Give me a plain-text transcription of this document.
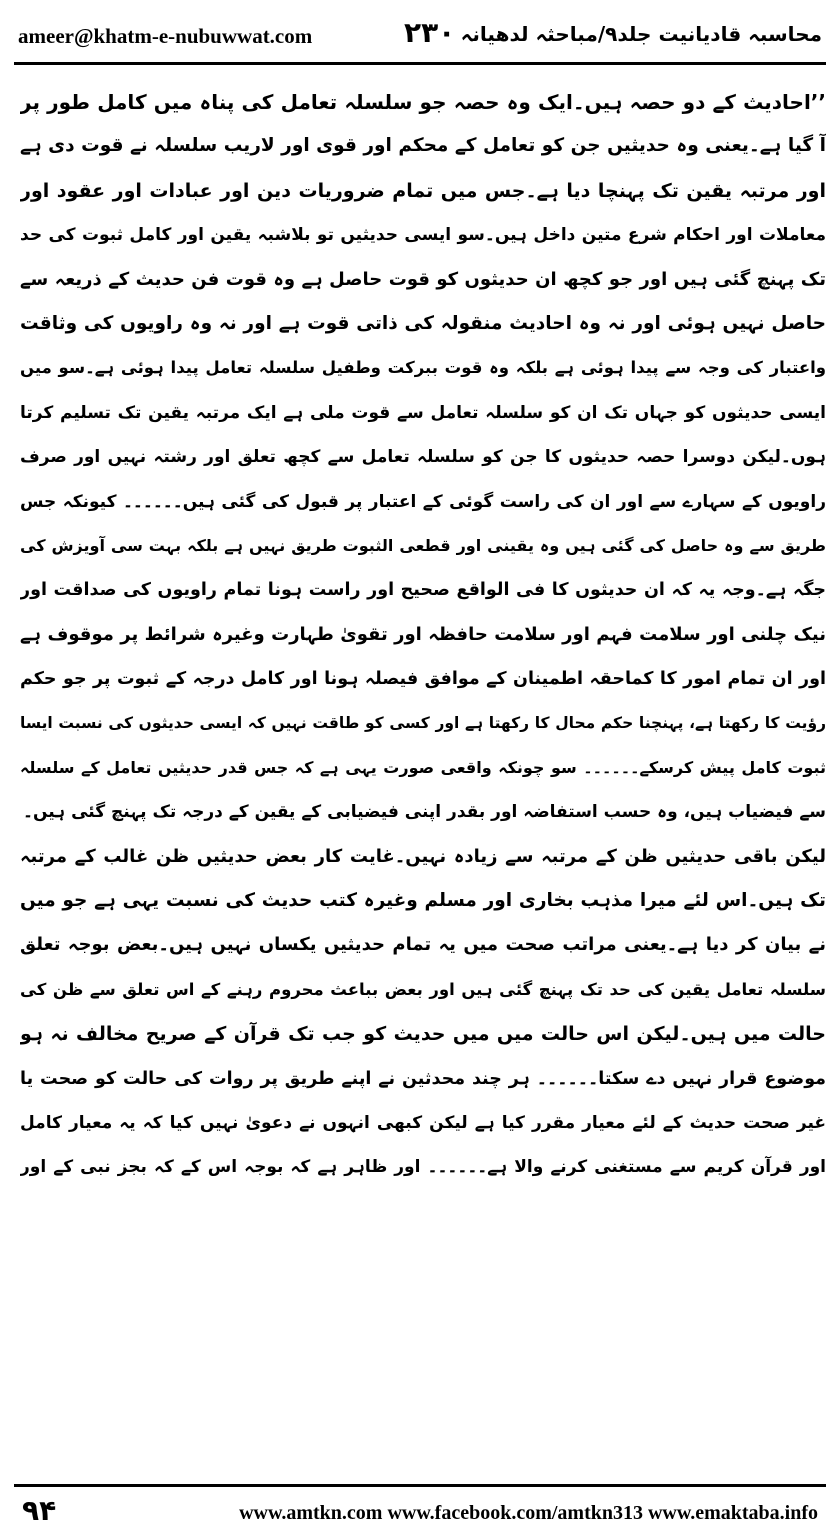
ameer@khatm-e-nubuwwat.com	۲۳۰ محاسبہ قادیانیت جلد۹/مباحثہ لدھیانہ
’’احادیث کے دو حصہ ہیں۔ایک وہ حصہ جو سلسلہ تعامل کی پناہ میں کامل طور پر
آ گیا ہے۔یعنی وہ حدیثیں جن کو تعامل کے محکم اور قوی اور لاریب سلسلہ نے قوت دی ہے
اور مرتبہ یقین تک پہنچا دیا ہے۔جس میں تمام ضروریات دین اور عبادات اور عقود اور
معاملات اور احکام شرع متین داخل ہیں۔سو ایسی حدیثیں تو بلاشبہ یقین اور کامل ثبوت کی حد
تک پہنچ گئی ہیں اور جو کچھ ان حدیثوں کو قوت حاصل ہے وہ قوت فن حدیث کے ذریعہ سے
حاصل نہیں ہوئی اور نہ وہ احادیث منقولہ کی ذاتی قوت ہے اور نہ وہ راویوں کی وثاقت
واعتبار کی وجہ سے پیدا ہوئی ہے بلکہ وہ قوت ببرکت وطفیل سلسلہ تعامل پیدا ہوئی ہے۔سو میں
ایسی حدیثوں کو جہاں تک ان کو سلسلہ تعامل سے قوت ملی ہے ایک مرتبہ یقین تک تسلیم کرتا
ہوں۔لیکن دوسرا حصہ حدیثوں کا جن کو سلسلہ تعامل سے کچھ تعلق اور رشتہ نہیں اور صرف
راویوں کے سہارے سے اور ان کی راست گوئی کے اعتبار پر قبول کی گئی ہیں۔۔۔۔۔۔ کیونکہ جس
طریق سے وہ حاصل کی گئی ہیں وہ یقینی اور قطعی الثبوت طریق نہیں ہے بلکہ بہت سی آویزش کی
جگہ ہے۔وجہ یہ کہ ان حدیثوں کا فی الواقع صحیح اور راست ہونا تمام راویوں کی صداقت اور
نیک چلنی اور سلامت فہم اور سلامت حافظہ اور تقویٰ طہارت وغیرہ شرائط پر موقوف ہے
اور ان تمام امور کا کماحقہ اطمینان کے موافق فیصلہ ہونا اور کامل درجہ کے ثبوت پر جو حکم
رؤیت کا رکھتا ہے، پہنچنا حکم محال کا رکھتا ہے اور کسی کو طاقت نہیں کہ ایسی حدیثوں کی نسبت ایسا
ثبوت کامل پیش کرسکے۔۔۔۔۔۔ سو چونکہ واقعی صورت یہی ہے کہ جس قدر حدیثیں تعامل کے سلسلہ
سے فیضیاب ہیں، وہ حسب استفاضہ اور بقدر اپنی فیضیابی کے یقین کے درجہ تک پہنچ گئی ہیں۔
لیکن باقی حدیثیں ظن کے مرتبہ سے زیادہ نہیں۔غایت کار بعض حدیثیں ظن غالب کے مرتبہ
تک ہیں۔اس لئے میرا مذہب بخاری اور مسلم وغیرہ کتب حدیث کی نسبت یہی ہے جو میں
نے بیان کر دیا ہے۔یعنی مراتب صحت میں یہ تمام حدیثیں یکساں نہیں ہیں۔بعض بوجہ تعلق
سلسلہ تعامل یقین کی حد تک پہنچ گئی ہیں اور بعض بباعث محروم رہنے کے اس تعلق سے ظن کی
حالت میں ہیں۔لیکن اس حالت میں میں حدیث کو جب تک قرآن کے صریح مخالف نہ ہو
موضوع قرار نہیں دے سکتا۔۔۔۔۔۔ ہر چند محدثین نے اپنے طریق پر روات کی حالت کو صحت یا
غیر صحت حدیث کے لئے معیار مقرر کیا ہے لیکن کبھی انہوں نے دعویٰ نہیں کیا کہ یہ معیار کامل
اور قرآن کریم سے مستغنی کرنے والا ہے۔۔۔۔۔۔ اور ظاہر ہے کہ بوجہ اس کے کہ بجز نبی کے اور
۹۴	www.amtkn.com www.facebook.com/amtkn313 www.emaktaba.info
